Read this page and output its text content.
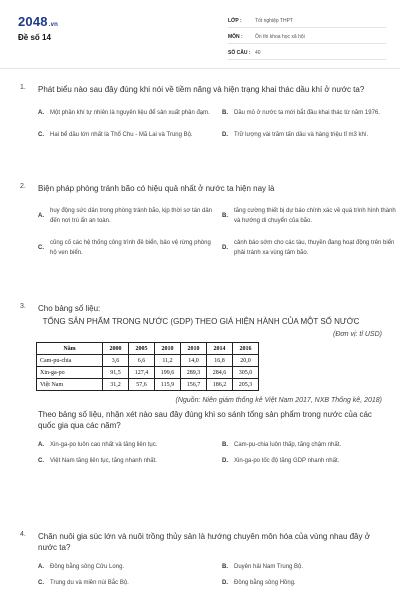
2048.vn
Đề số 14
LỚP :	Tốt nghiệp THPT
MÔN :	Ôn thi khoa học xã hội
SỐ CÂU : 40
1. Phát biểu nào sau đây đúng khi nói về tiềm năng và hiện trạng khai thác dầu khí ở nước ta?
A.	Một phần khí tự nhiên là nguyên liệu để sản xuất phân đạm.	B.	Dầu mỏ ở nước ta mới bắt đầu khai thác từ năm 1976.
C.	Hai bể dầu lớn nhất là Thổ Chu - Mã Lai và Trung Bộ.	D.	Trữ lượng vài trăm tấn dầu và hàng triệu tỉ m3 khí.
2. Biện pháp phòng tránh bão có hiệu quả nhất ở nước ta hiện nay là
A.
huy động sức dân trong phòng tránh bão, kịp thời sơ tán dân đến nơi trú ẩn an toàn.
B.
tăng cường thiết bị dự báo chính xác về quá trình hình thành và hướng di chuyển của bão.
C.
củng cố các hệ thống công trình đê biển, bảo vệ rừng phòng hộ ven biển.
D.
cảnh báo sớm cho các tàu, thuyền đang hoạt động trên biển phải tránh xa vùng tâm bão.
3. Cho bảng số liệu:
TỔNG SẢN PHẨM TRONG NƯỚC (GDP) THEO GIÁ HIỆN HÀNH CỦA MỘT SỐ NƯỚC
(Đơn vị: tỉ USD)
Năm	2000	2005	2010	2010	2014	2016
Cam-pu-chia	3,6	6,6	11,2	14,0	16,8	20,0
Xin-ga-po	91,5	127,4	199,6	289,3	284,6	305,0
Việt Nam	31,2	57,6	115,9	156,7	186,2	205,3
(Nguồn: Niên giám thống kê Việt Nam 2017, NXB Thống kê, 2018)
Theo bảng số liệu, nhận xét nào sau đây đúng khi so sánh tổng sản phẩm trong nước của các quốc gia qua các năm?
A.	Xin-ga-po luôn cao nhất và tăng liên tục.	B.	Cam-pu-chia luôn thấp, tăng chậm nhất.
C.	Việt Nam tăng liên tục, tăng nhanh nhất.	D.	Xin-ga-po tốc độ tăng GDP nhanh nhất.
4. Chăn nuôi gia súc lớn và nuôi trồng thủy sản là hướng chuyên môn hóa của vùng nhau đây ở nước ta?
A.	Đồng bằng sông Cửu Long.	B.	Duyên hải Nam Trung Bộ.
C.	Trung du và miền núi Bắc Bộ.	D.	Đồng bằng sông Hồng.
